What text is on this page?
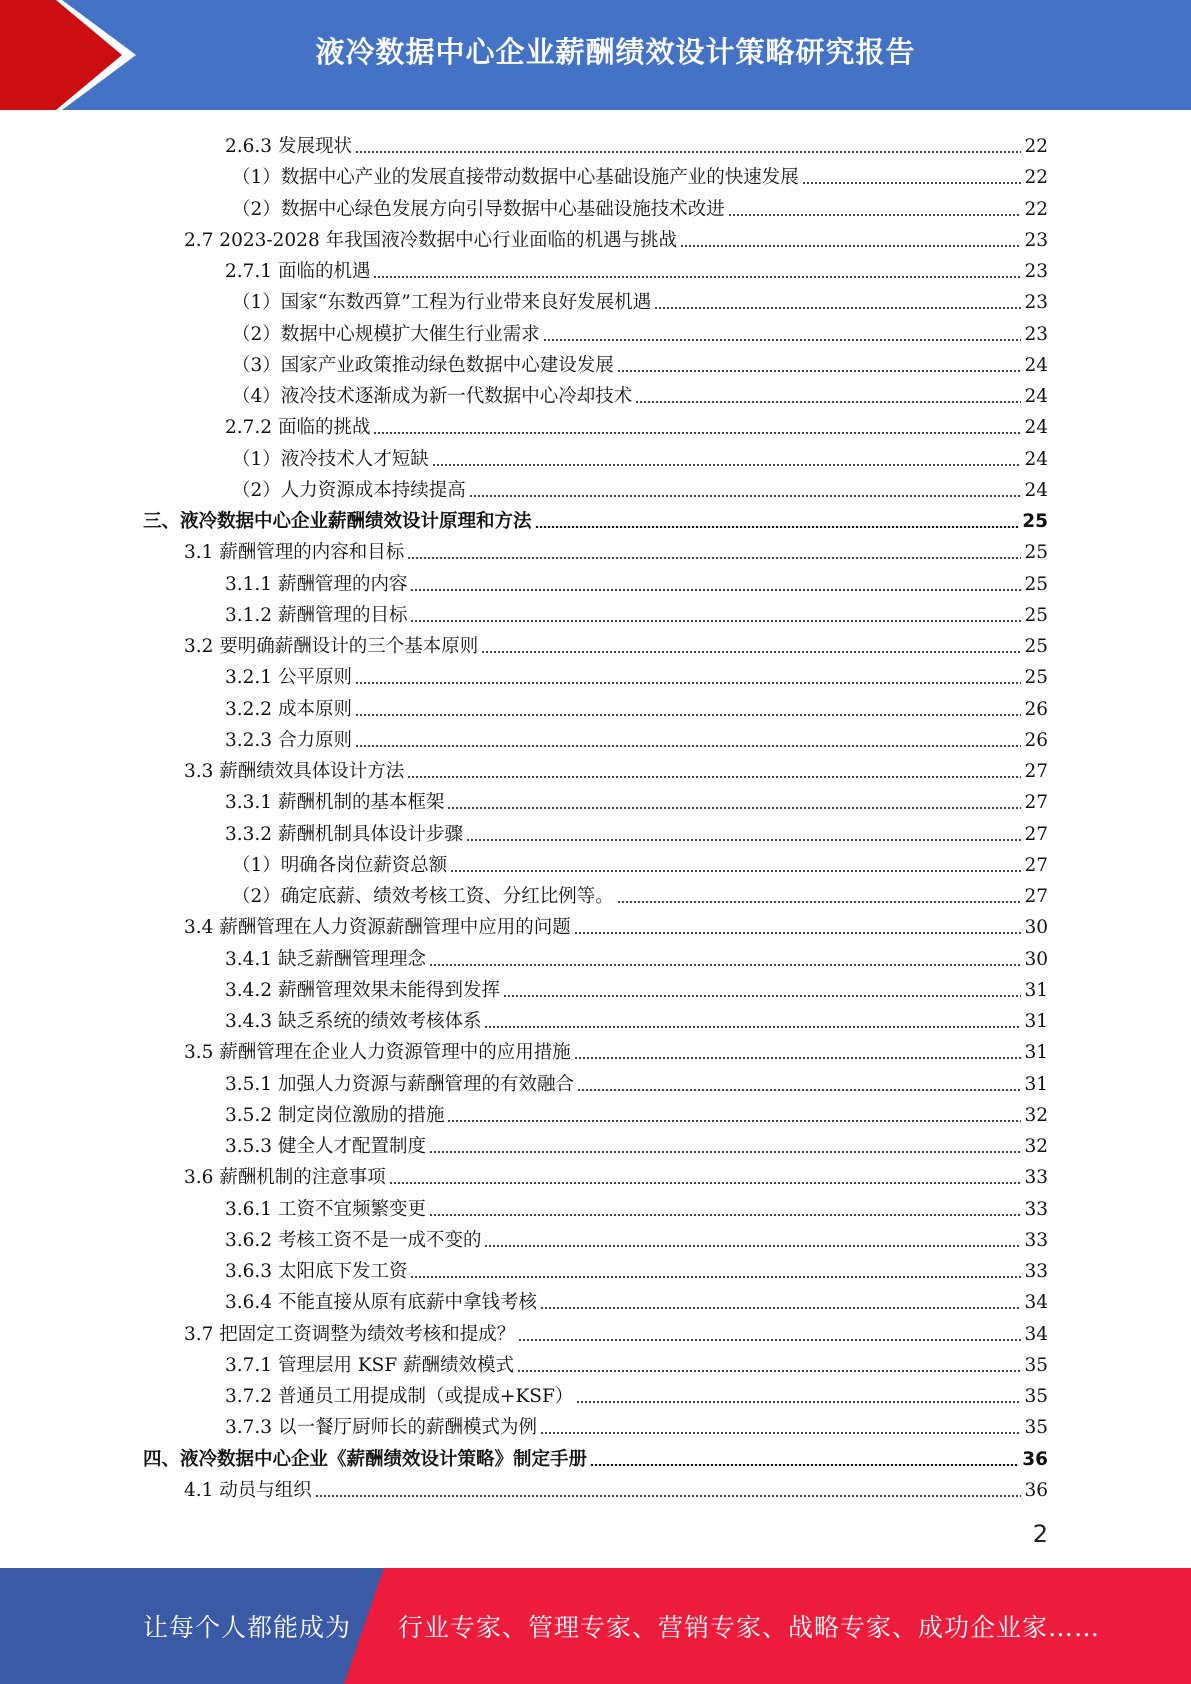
液冷数据中心企业薪酬绩效设计策略研究报告
2.6.3 发展现状	22
（1）数据中心产业的发展直接带动数据中心基础设施产业的快速发展	22
（2）数据中心绿色发展方向引导数据中心基础设施技术改进	22
2.7 2023-2028 年我国液冷数据中心行业面临的机遇与挑战	23
2.7.1 面临的机遇	23
（1）国家“东数西算”工程为行业带来良好发展机遇	23
（2）数据中心规模扩大催生行业需求	23
（3）国家产业政策推动绿色数据中心建设发展	24
（4）液冷技术逐渐成为新一代数据中心冷却技术	24
2.7.2 面临的挑战	24
（1）液冷技术人才短缺	24
（2）人力资源成本持续提高	24
三、液冷数据中心企业薪酬绩效设计原理和方法	25
3.1 薪酬管理的内容和目标	25
3.1.1 薪酬管理的内容	25
3.1.2 薪酬管理的目标	25
3.2 要明确薪酬设计的三个基本原则	25
3.2.1 公平原则	25
3.2.2 成本原则	26
3.2.3 合力原则	26
3.3 薪酬绩效具体设计方法	27
3.3.1 薪酬机制的基本框架	27
3.3.2 薪酬机制具体设计步骤	27
（1）明确各岗位薪资总额	27
（2）确定底薪、绩效考核工资、分红比例等。	27
3.4 薪酬管理在人力资源薪酬管理中应用的问题	30
3.4.1 缺乏薪酬管理理念	30
3.4.2 薪酬管理效果未能得到发挥	31
3.4.3 缺乏系统的绩效考核体系	31
3.5 薪酬管理在企业人力资源管理中的应用措施	31
3.5.1 加强人力资源与薪酬管理的有效融合	31
3.5.2 制定岗位激励的措施	32
3.5.3 健全人才配置制度	32
3.6 薪酬机制的注意事项	33
3.6.1 工资不宜频繁变更	33
3.6.2 考核工资不是一成不变的	33
3.6.3 太阳底下发工资	33
3.6.4 不能直接从原有底薪中拿钱考核	34
3.7 把固定工资调整为绩效考核和提成？	34
3.7.1 管理层用 KSF 薪酬绩效模式	35
3.7.2 普通员工用提成制（或提成+KSF）	35
3.7.3 以一餐厅厨师长的薪酬模式为例	35
四、液冷数据中心企业《薪酬绩效设计策略》制定手册	36
4.1 动员与组织	36
2
让每个人都能成为 行业专家、管理专家、营销专家、战略专家、成功企业家……
